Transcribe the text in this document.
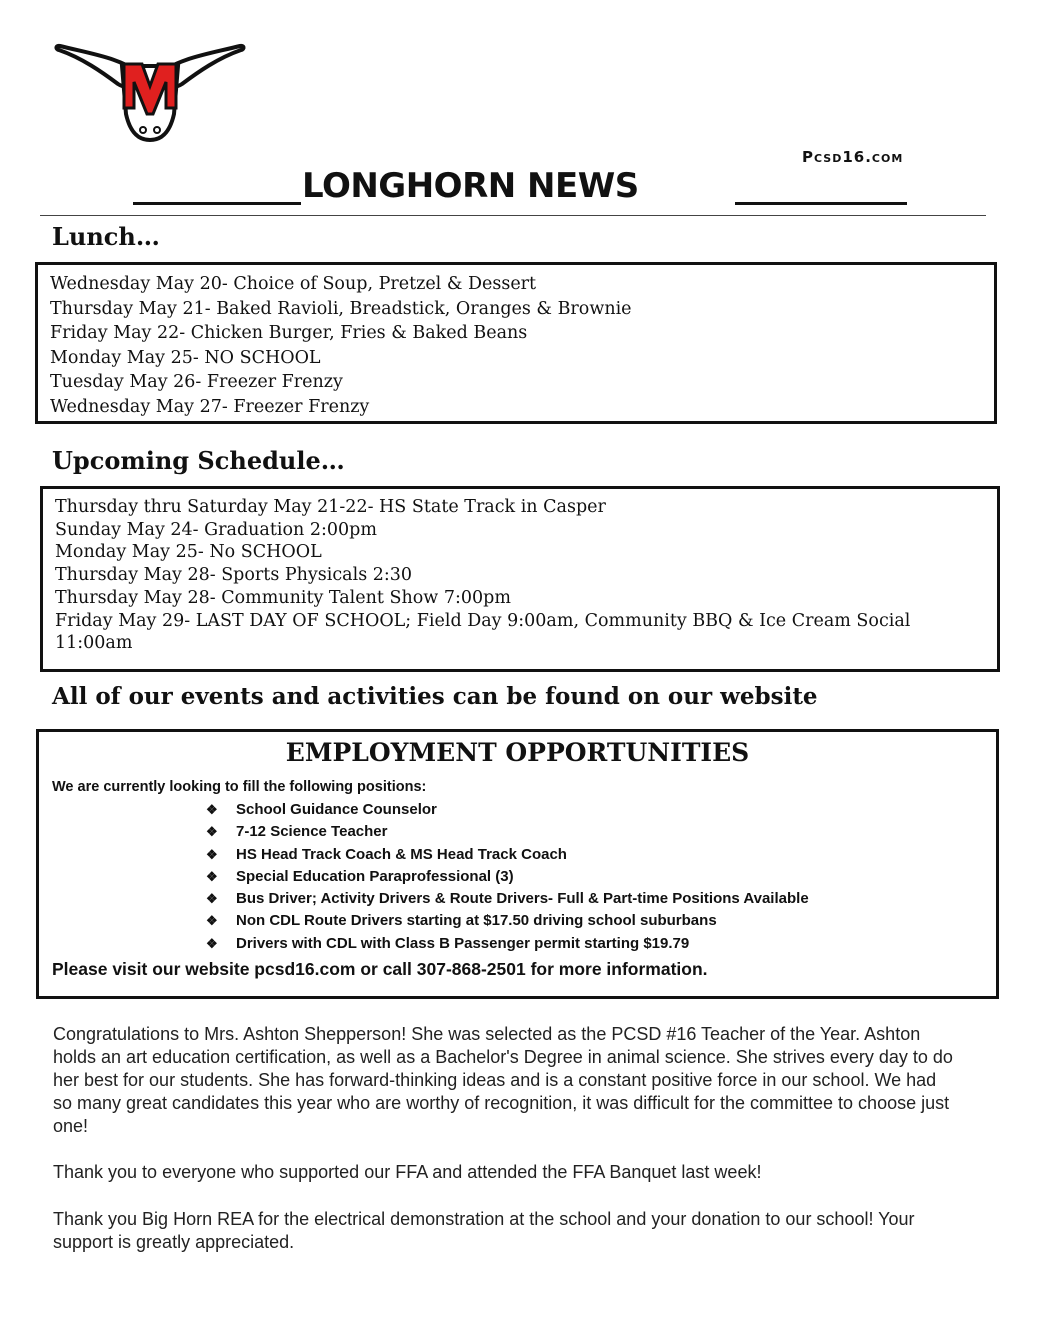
Pcsd16.com
LONGHORN NEWS
Lunch…
Wednesday May 20- Choice of Soup, Pretzel & Dessert
Thursday May 21- Baked Ravioli, Breadstick, Oranges & Brownie
Friday May 22- Chicken Burger, Fries & Baked Beans
Monday May 25- NO SCHOOL
Tuesday May 26- Freezer Frenzy
Wednesday May 27- Freezer Frenzy
Upcoming Schedule…
Thursday thru Saturday May 21-22- HS State Track in Casper
Sunday May 24- Graduation 2:00pm
Monday May 25- No SCHOOL
Thursday May 28- Sports Physicals 2:30
Thursday May 28- Community Talent Show 7:00pm
Friday May 29- LAST DAY OF SCHOOL; Field Day 9:00am, Community BBQ & Ice Cream Social 11:00am
All of our events and activities can be found on our website
EMPLOYMENT OPPORTUNITIES
We are currently looking to fill the following positions:
❖ School Guidance Counselor
❖ 7-12 Science Teacher
❖ HS Head Track Coach & MS Head Track Coach
❖ Special Education Paraprofessional (3)
❖ Bus Driver; Activity Drivers & Route Drivers- Full & Part-time Positions Available
❖ Non CDL Route Drivers starting at $17.50 driving school suburbans
❖ Drivers with CDL with Class B Passenger permit starting $19.79
Please visit our website pcsd16.com or call 307-868-2501 for more information.
Congratulations to Mrs. Ashton Shepperson! She was selected as the PCSD #16 Teacher of the Year. Ashton holds an art education certification, as well as a Bachelor's Degree in animal science. She strives every day to do her best for our students. She has forward-thinking ideas and is a constant positive force in our school. We had so many great candidates this year who are worthy of recognition, it was difficult for the committee to choose just one!
Thank you to everyone who supported our FFA and attended the FFA Banquet last week!
Thank you Big Horn REA for the electrical demonstration at the school and your donation to our school! Your support is greatly appreciated.
